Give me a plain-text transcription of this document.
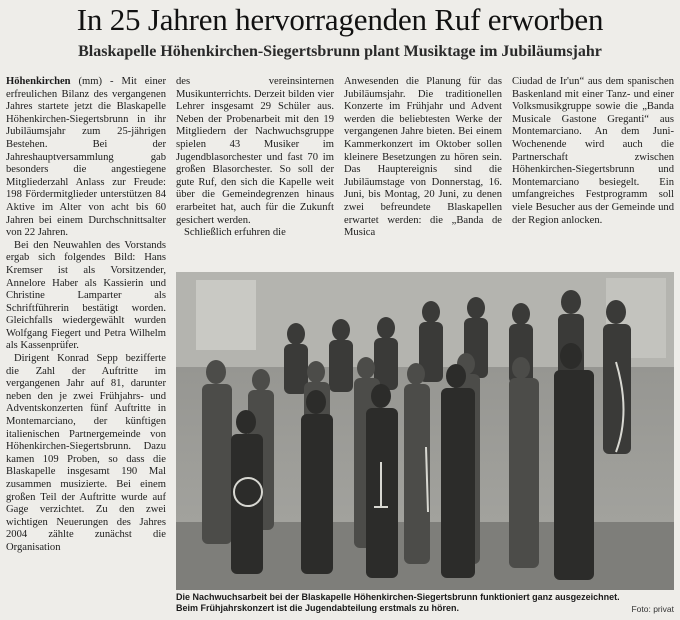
In 25 Jahren hervorragenden Ruf erworben
Blaskapelle Höhenkirchen-Siegertsbrunn plant Musiktage im Jubiläumsjahr

Höhenkirchen (mm) - Mit einer erfreulichen Bilanz des vergangenen Jahres startete jetzt die Blaskapelle Höhenkirchen-Siegertsbrunn in ihr Jubiläumsjahr zum 25-jährigen Bestehen. Bei der Jahreshauptversammlung gab besonders die angestiegene Mitgliederzahl Anlass zur Freude: 198 Fördermitglieder unterstützen 84 Aktive im Alter von acht bis 60 Jahren bei einem Durchschnittsalter von 22 Jahren.

Bei den Neuwahlen des Vorstands ergab sich folgendes Bild: Hans Kremser ist als Vorsitzender, Annelore Haber als Kassierin und Christine Lamparter als Schriftführerin bestätigt worden. Gleichfalls wiedergewählt wurden Wolfgang Fiegert und Petra Wilhelm als Kassenprüfer.

Dirigent Konrad Sepp bezifferte die Zahl der Auftritte im vergangenen Jahr auf 81, darunter neben den je zwei Frühjahrs- und Adventskonzerten fünf Auftritte in Montemarciano, der künftigen italienischen Partnergemeinde von Höhenkirchen-Siegertsbrunn. Dazu kamen 109 Proben, so dass die Blaskapelle insgesamt 190 Mal zusammen musizierte. Bei einem großen Teil der Auftritte wurde auf Gage verzichtet. Zu den zwei wichtigen Neuerungen des Jahres 2004 zählte zunächst die Organisation

des vereinsinternen Musikunterrichts. Derzeit bilden vier Lehrer insgesamt 29 Schüler aus. Neben der Probenarbeit mit den 19 Mitgliedern der Nachwuchsgruppe spielen 43 Musiker im Jugendblasorchester und fast 70 im großen Blasorchester. So soll der gute Ruf, den sich die Kapelle weit über die Gemeindegrenzen hinaus erarbeitet hat, auch für die Zukunft gesichert werden.

Schließlich erfuhren die

Anwesenden die Planung für das Jubiläumsjahr. Die traditionellen Konzerte im Frühjahr und Advent werden die beliebtesten Werke der vergangenen Jahre bieten. Bei einem Kammerkonzert im Oktober sollen kleinere Besetzungen zu hören sein. Das Hauptereignis sind die Jubiläumstage von Donnerstag, 16. Juni, bis Montag, 20 Juni, zu denen zwei befreundete Blaskapellen erwartet werden: die „Banda de Musica

Ciudad de Ir'un“ aus dem spanischen Baskenland mit einer Tanz- und einer Volksmusikgruppe sowie die „Banda Musicale Gastone Greganti“ aus Montemarciano. An dem Juni-Wochenende wird auch die Partnerschaft zwischen Höhenkirchen-Siegertsbrunn und Montemarciano besiegelt. Ein umfangreiches Festprogramm soll viele Besucher aus der Gemeinde und der Region anlocken.

Die Nachwuchsarbeit bei der Blaskapelle Höhenkirchen-Siegertsbrunn funktioniert ganz ausgezeichnet.
Beim Frühjahrskonzert ist die Jugendabteilung erstmals zu hören.	Foto: privat
